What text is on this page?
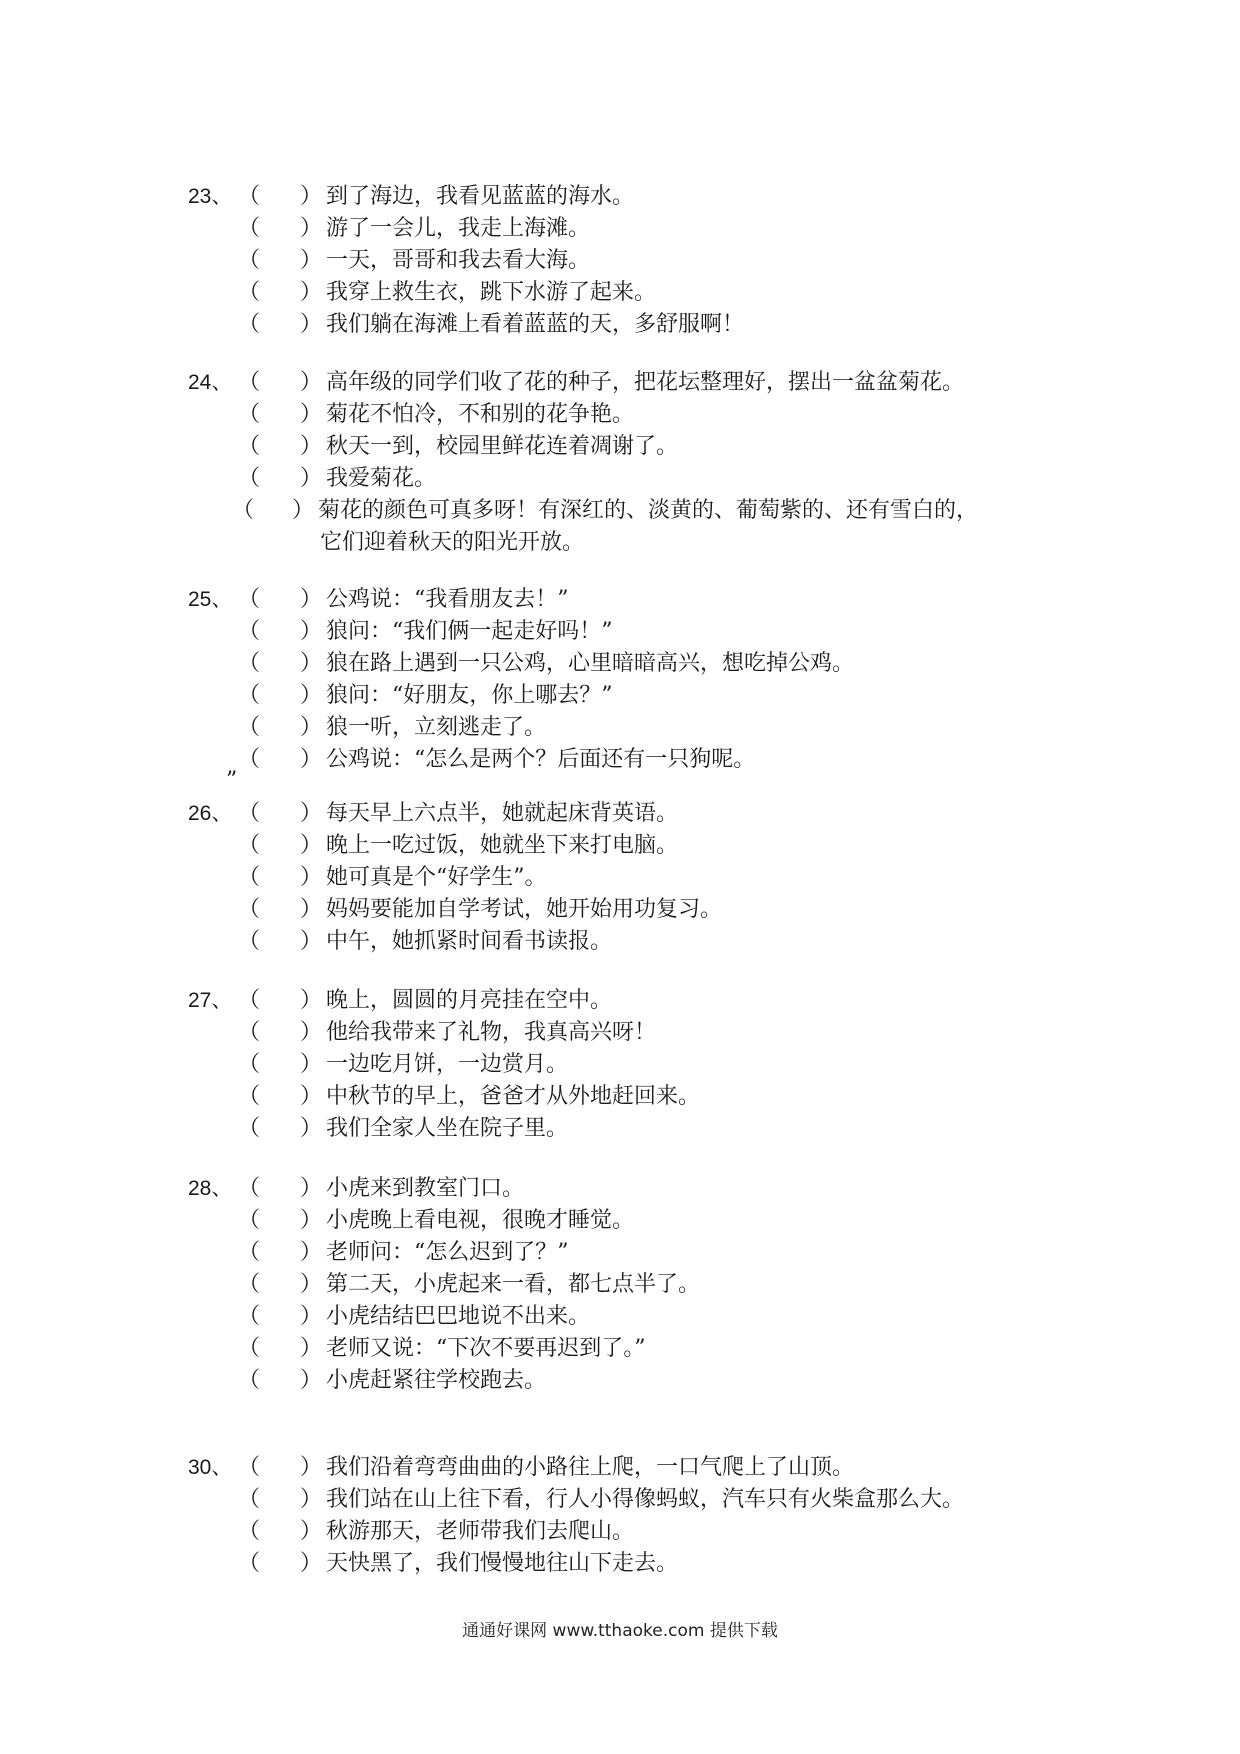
23、 （ ） 到了海边，我看见蓝蓝的海水。
（ ） 游了一会儿，我走上海滩。
（ ） 一天，哥哥和我去看大海。
（ ） 我穿上救生衣，跳下水游了起来。
（ ） 我们躺在海滩上看着蓝蓝的天，多舒服啊！
24、 （ ） 高年级的同学们收了花的种子，把花坛整理好，摆出一盆盆菊花。
（ ） 菊花不怕冷，不和别的花争艳。
（ ） 秋天一到，校园里鲜花连着凋谢了。
（ ） 我爱菊花。
（ ） 菊花的颜色可真多呀！有深红的、淡黄的、葡萄紫的、还有雪白的，
它们迎着秋天的阳光开放。
25、 （ ） 公鸡说：“我看朋友去！”
（ ） 狼问：“我们俩一起走好吗！”
（ ） 狼在路上遇到一只公鸡，心里暗暗高兴，想吃掉公鸡。
（ ） 狼问：“好朋友，你上哪去？”
（ ） 狼一听，立刻逃走了。
（ ） 公鸡说：“怎么是两个？后面还有一只狗呢。
”
26、 （ ） 每天早上六点半，她就起床背英语。
（ ） 晚上一吃过饭，她就坐下来打电脑。
（ ） 她可真是个“好学生”。
（ ） 妈妈要能加自学考试，她开始用功复习。
（ ） 中午，她抓紧时间看书读报。
27、 （ ） 晚上，圆圆的月亮挂在空中。
（ ） 他给我带来了礼物，我真高兴呀！
（ ） 一边吃月饼，一边赏月。
（ ） 中秋节的早上，爸爸才从外地赶回来。
（ ） 我们全家人坐在院子里。
28、 （ ） 小虎来到教室门口。
（ ） 小虎晚上看电视，很晚才睡觉。
（ ） 老师问：“怎么迟到了？”
（ ） 第二天，小虎起来一看，都七点半了。
（ ） 小虎结结巴巴地说不出来。
（ ） 老师又说：“下次不要再迟到了。”
（ ） 小虎赶紧往学校跑去。
30、 （ ） 我们沿着弯弯曲曲的小路往上爬，一口气爬上了山顶。
（ ） 我们站在山上往下看，行人小得像蚂蚁，汽车只有火柴盒那么大。
（ ） 秋游那天，老师带我们去爬山。
（ ） 天快黑了，我们慢慢地往山下走去。
通通好课网 www.tthaoke.com 提供下载
